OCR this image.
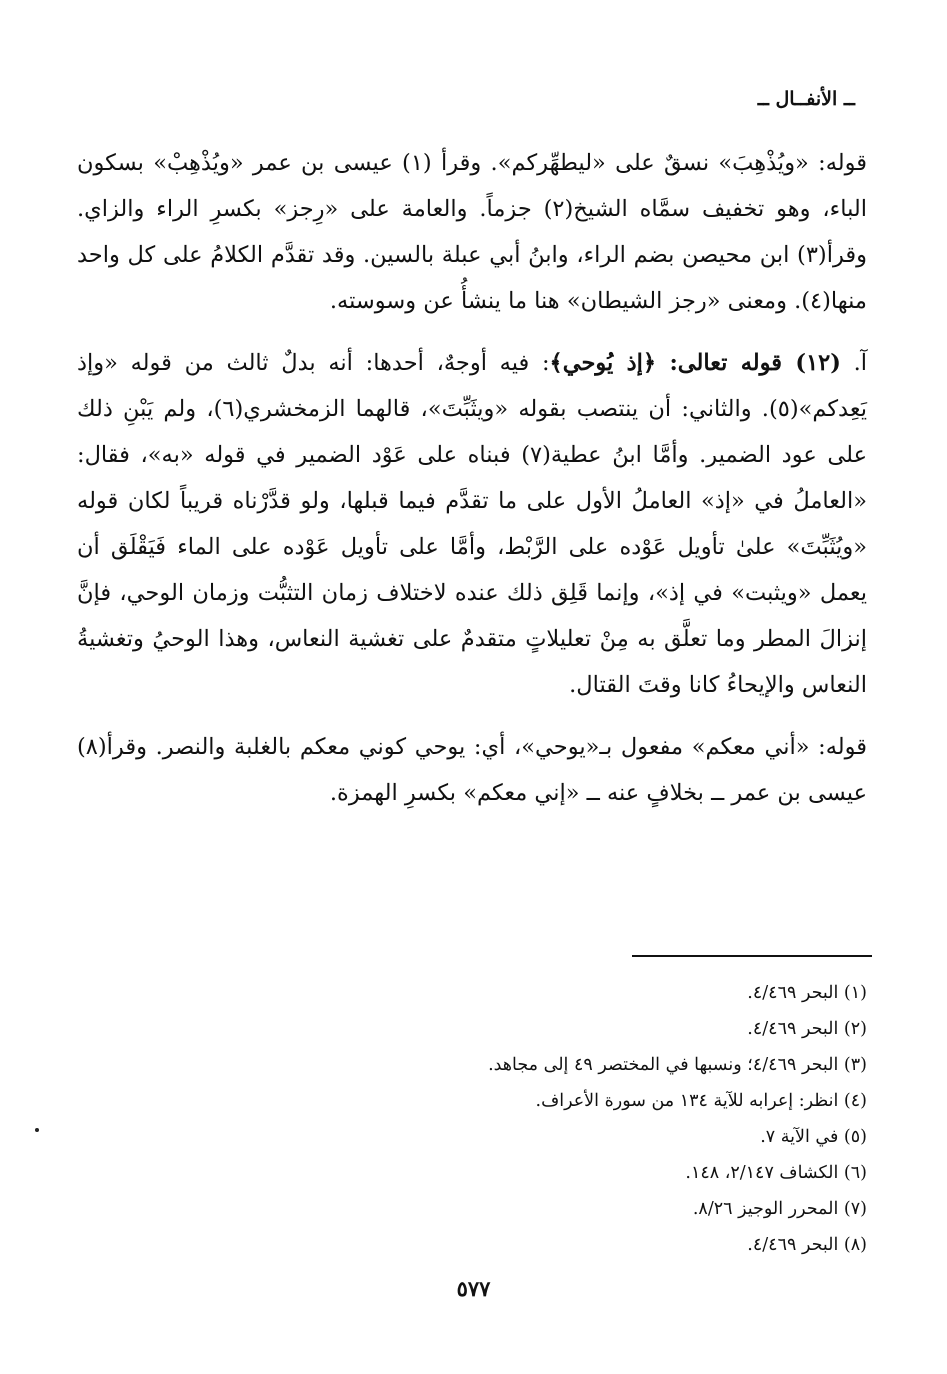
ــ الأنفــال ــ

قوله: «ويُذْهِبَ» نسقٌ على «ليطهِّركم». وقرأ (١) عيسى بن عمر «ويُذْهِبْ» بسكون الباء، وهو تخفيف سمَّاه الشيخ(٢) جزماً. والعامة على «رِجز» بكسرِ الراء والزاي. وقرأ(٣) ابن محيصن بضم الراء، وابنُ أبي عبلة بالسين. وقد تقدَّم الكلامُ على كل واحد منها(٤). ومعنى «رجز الشيطان» هنا ما ينشأُ عن وسوسته.

آ. (١٢) قوله تعالى: ﴿إذ يُوحي﴾: فيه أوجهٌ، أحدها: أنه بدلٌ ثالث من قوله «وإذ يَعِدكم»(٥). والثاني: أن ينتصب بقوله «ويثَبِّتَ»، قالهما الزمخشري(٦)، ولم يَبْنِ ذلك على عود الضمير. وأمَّا ابنُ عطية(٧) فبناه على عَوْد الضمير في قوله «به»، فقال: «العاملُ في «إذ» العاملُ الأول على ما تقدَّم فيما قبلها، ولو قدَّرْناه قريباً لكان قوله «ويُثَبِّتَ» علىٰ تأويل عَوْده على الرَّبْط، وأمَّا على تأويل عَوْده على الماء فَيَقْلَق أن يعمل «ويثبت» في إذ»، وإنما قَلِق ذلك عنده لاختلاف زمان التثبُّت وزمان الوحي، فإنَّ إنزالَ المطر وما تعلَّق به مِنْ تعليلاتٍ متقدمٌ على تغشية النعاس، وهذا الوحيُ وتغشيةُ النعاس والإيحاءُ كانا وقتَ القتال.

قوله: «أني معكم» مفعول بـ«يوحي»، أي: يوحي كوني معكم بالغلبة والنصر. وقرأ(٨) عيسى بن عمر ــ بخلافٍ عنه ــ «إني معكم» بكسرِ الهمزة.

(١) البحر ٤/٤٦٩.
(٢) البحر ٤/٤٦٩.
(٣) البحر ٤/٤٦٩؛ ونسبها في المختصر ٤٩ إلى مجاهد.
(٤) انظر: إعرابه للآية ١٣٤ من سورة الأعراف.
(٥) في الآية ٧.
(٦) الكشاف ٢/١٤٧، ١٤٨.
(٧) المحرر الوجيز ٨/٢٦.
(٨) البحر ٤/٤٦٩.
٥٧٧
